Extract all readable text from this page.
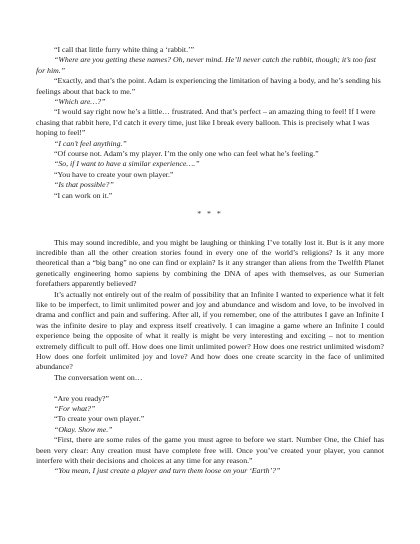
“I call that little furry white thing a ‘rabbit.’”

“Where are you getting these names? Oh, never mind. He’ll never catch the rabbit, though; it’s too fast for him.”

“Exactly, and that’s the point. Adam is experiencing the limitation of having a body, and he’s sending his feelings about that back to me.”

“Which are…?”

“I would say right now he’s a little… frustrated. And that’s perfect – an amazing thing to feel! If I were chasing that rabbit here, I’d catch it every time, just like I break every balloon. This is precisely what I was hoping to feel!”

“I can’t feel anything.”

“Of course not. Adam’s my player. I’m the only one who can feel what he’s feeling.”

“So, if I want to have a similar experience….”

“You have to create your own player.”

“Is that possible?”

“I can work on it.”

* * *

This may sound incredible, and you might be laughing or thinking I’ve totally lost it. But is it any more incredible than all the other creation stories found in every one of the world’s religions? Is it any more theoretical than a “big bang” no one can find or explain? Is it any stranger than aliens from the Twelfth Planet genetically engineering homo sapiens by combining the DNA of apes with themselves, as our Sumerian forefathers apparently believed?

It’s actually not entirely out of the realm of possibility that an Infinite I wanted to experience what it felt like to be imperfect, to limit unlimited power and joy and abundance and wisdom and love, to be involved in drama and conflict and pain and suffering. After all, if you remember, one of the attributes I gave an Infinite I was the infinite desire to play and express itself creatively. I can imagine a game where an Infinite I could experience being the opposite of what it really is might be very interesting and exciting – not to mention extremely difficult to pull off. How does one limit unlimited power? How does one restrict unlimited wisdom? How does one forfeit unlimited joy and love? And how does one create scarcity in the face of unlimited abundance?

The conversation went on…

“Are you ready?”

“For what?”

“To create your own player.”

“Okay. Show me.”

“First, there are some rules of the game you must agree to before we start. Number One, the Chief has been very clear: Any creation must have complete free will. Once you’ve created your player, you cannot interfere with their decisions and choices at any time for any reason.”

“You mean, I just create a player and turn them loose on your ‘Earth’?”
